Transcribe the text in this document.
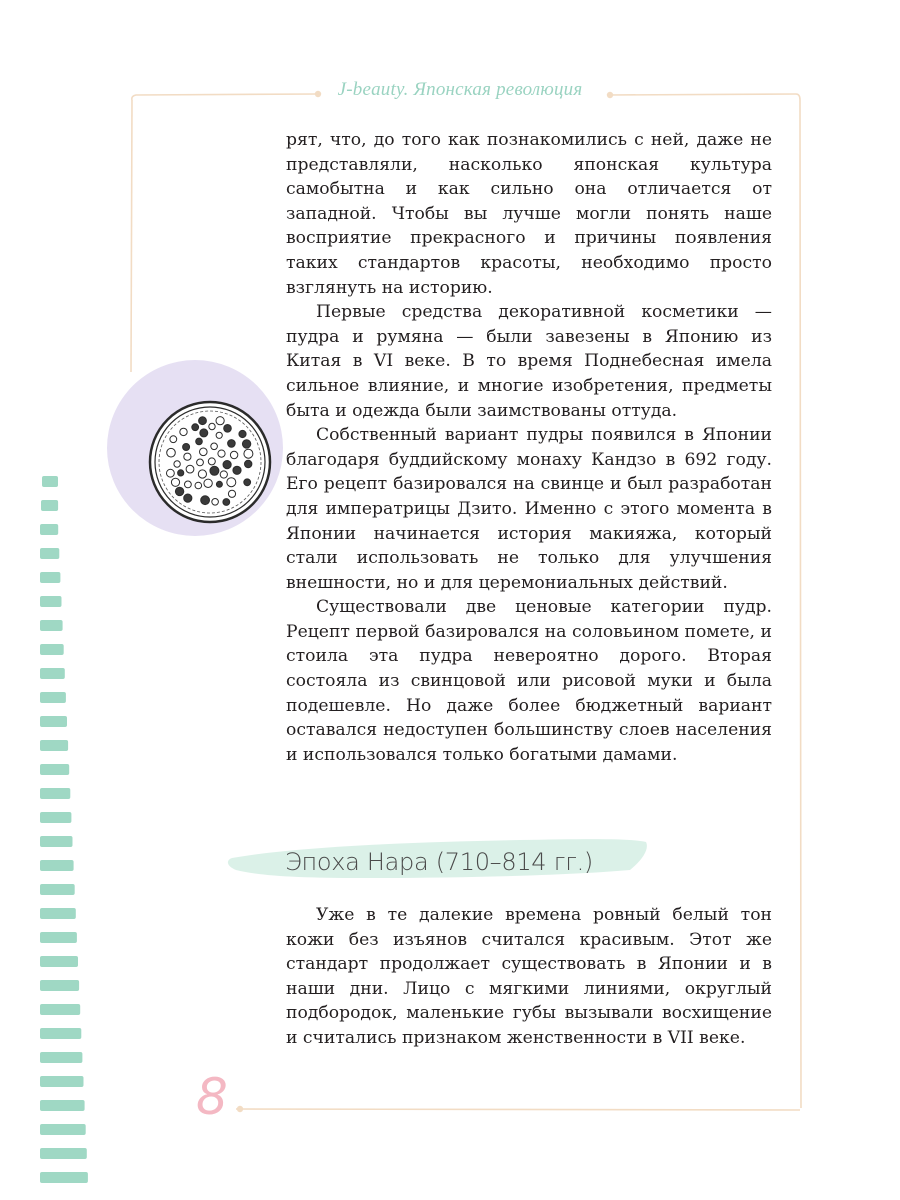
J-beauty. Японская революция

рят, что, до того как познакомились с ней, даже не представляли, насколько японская культура самобытна и как сильно она отличается от западной. Чтобы вы лучше могли понять наше восприятие прекрасного и причины появления таких стандартов красоты, необходимо просто взглянуть на историю.

Первые средства декоративной косметики — пудра и румяна — были завезены в Японию из Китая в VI веке. В то время Поднебесная имела сильное влияние, и многие изобретения, предметы быта и одежда были заимствованы оттуда.

Собственный вариант пудры появился в Японии благодаря буддийскому монаху Кандзо в 692 году. Его рецепт базировался на свинце и был разработан для императрицы Дзито. Именно с этого момента в Японии начинается история макияжа, который стали использовать не только для улучшения внешности, но и для церемониальных действий.

Существовали две ценовые категории пудр. Рецепт первой базировался на соловьином помете, и стоила эта пудра невероятно дорого. Вторая состояла из свинцовой или рисовой муки и была подешевле. Но даже более бюджетный вариант оставался недоступен большинству слоев населения и использовался только богатыми дамами.

Эпоха Нара (710–814 гг.)

Уже в те далекие времена ровный белый тон кожи без изъянов считался красивым. Этот же стандарт продолжает существовать в Японии и в наши дни. Лицо с мягкими линиями, округлый подбородок, маленькие губы вызывали восхищение и считались признаком женственности в VII веке.

8
